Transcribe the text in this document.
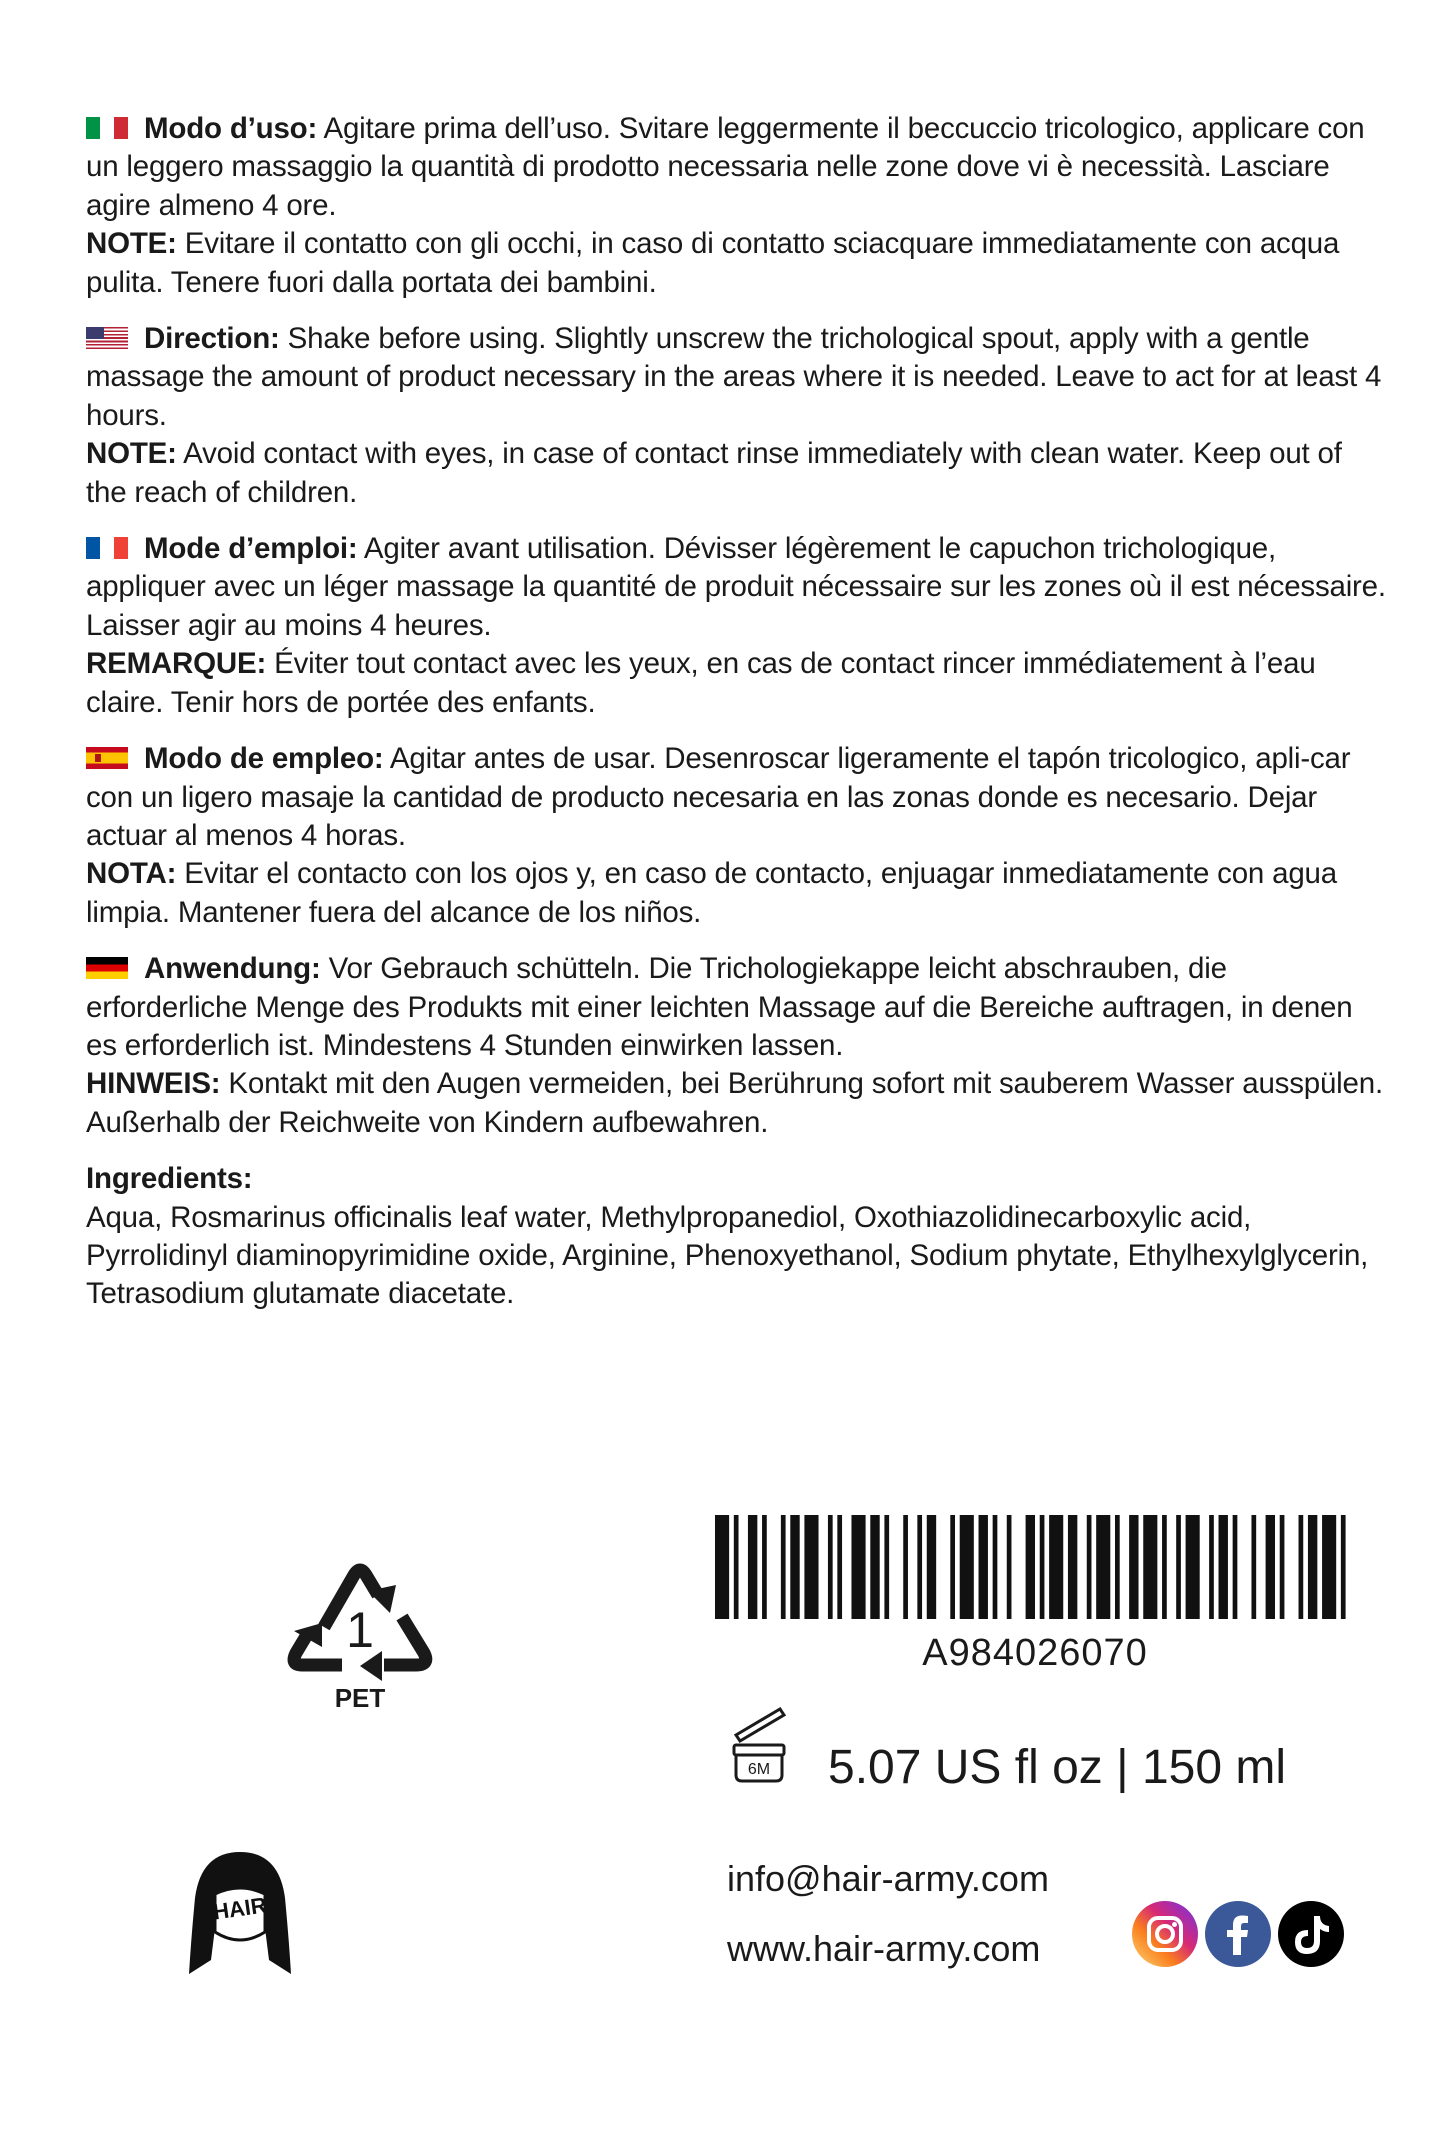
Modo d’uso: Agitare prima dell’uso. Svitare leggermente il beccuccio tricologico, applicare con un leggero massaggio la quantità di prodotto necessaria nelle zone dove vi è necessità. Lasciare agire almeno 4 ore.

NOTE: Evitare il contatto con gli occhi, in caso di contatto sciacquare immediatamente con acqua pulita. Tenere fuori dalla portata dei bambini.

Direction: Shake before using. Slightly unscrew the trichological spout, apply with a gentle massage the amount of product necessary in the areas where it is needed. Leave to act for at least 4 hours.

NOTE: Avoid contact with eyes, in case of contact rinse immediately with clean water. Keep out of the reach of children.

Mode d’emploi: Agiter avant utilisation. Dévisser légèrement le capuchon trichologique, appliquer avec un léger massage la quantité de produit nécessaire sur les zones où il est nécessaire. Laisser agir au moins 4 heures.

REMARQUE: Éviter tout contact avec les yeux, en cas de contact rincer immédiatement à l’eau claire. Tenir hors de portée des enfants.

Modo de empleo: Agitar antes de usar. Desenroscar ligeramente el tapón tricologico, apli-car con un ligero masaje la cantidad de producto necesaria en las zonas donde es necesario. Dejar actuar al menos 4 horas.

NOTA: Evitar el contacto con los ojos y, en caso de contacto, enjuagar inmediatamente con agua limpia. Mantener fuera del alcance de los niños.

Anwendung: Vor Gebrauch schütteln. Die Trichologiekappe leicht abschrauben, die erforderliche Menge des Produkts mit einer leichten Massage auf die Bereiche auftragen, in denen es erforderlich ist. Mindestens 4 Stunden einwirken lassen.

HINWEIS: Kontakt mit den Augen vermeiden, bei Berührung sofort mit sauberem Wasser ausspülen. Außerhalb der Reichweite von Kindern aufbewahren.

Ingredients:

Aqua, Rosmarinus officinalis leaf water, Methylpropanediol, Oxothiazolidinecarboxylic acid, Pyrrolidinyl diaminopyrimidine oxide, Arginine, Phenoxyethanol, Sodium phytate, Ethylhexylglycerin, Tetrasodium glutamate diacetate.

1
PET
A984026070
6M 5.07 US fl oz | 150 ml
HAIR
ARMY
info@hair-army.com
www.hair-army.com
